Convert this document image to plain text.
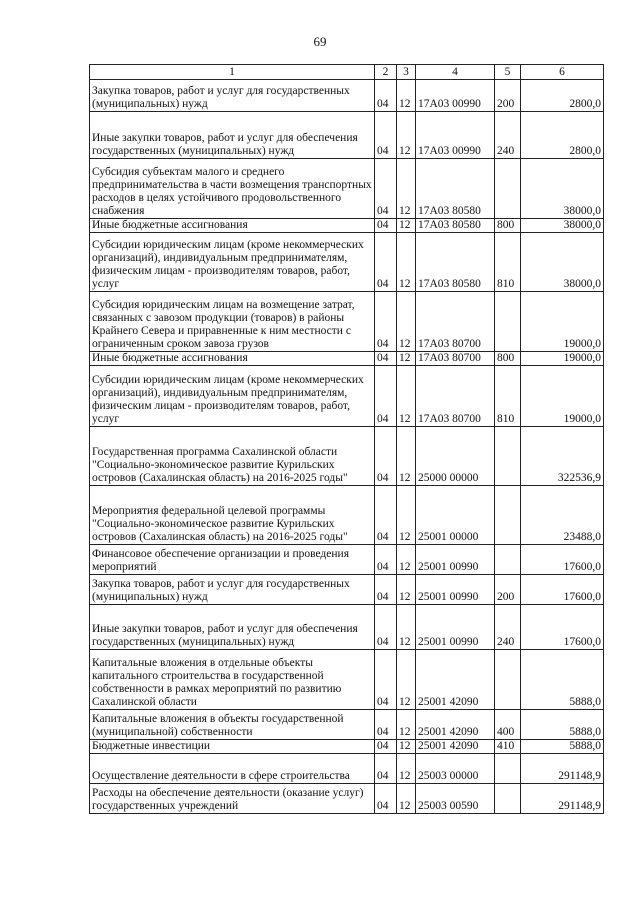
69
1	2	3	4	5	6
Закупка товаров, работ и услуг для государственных (муниципальных) нужд	04	12	17А03 00990	200	2800,0
Иные закупки товаров, работ и услуг для обеспечения государственных (муниципальных) нужд	04	12	17А03 00990	240	2800,0
Субсидия субъектам малого и среднего предпринимательства в части возмещения транспортных расходов в целях устойчивого продовольственного снабжения	04	12	17А03 80580		38000,0
Иные бюджетные ассигнования	04	12	17А03 80580	800	38000,0
Субсидии юридическим лицам (кроме некоммерческих организаций), индивидуальным предпринимателям, физическим лицам - производителям товаров, работ, услуг	04	12	17А03 80580	810	38000,0
Субсидия юридическим лицам на возмещение затрат, связанных с завозом продукции (товаров) в районы Крайнего Севера и приравненные к ним местности с ограниченным сроком завоза грузов	04	12	17А03 80700		19000,0
Иные бюджетные ассигнования	04	12	17А03 80700	800	19000,0
Субсидии юридическим лицам (кроме некоммерческих организаций), индивидуальным предпринимателям, физическим лицам - производителям товаров, работ, услуг	04	12	17А03 80700	810	19000,0
Государственная программа Сахалинской области "Социально-экономическое развитие Курильских островов (Сахалинская область) на 2016-2025 годы"	04	12	25000 00000		322536,9
Мероприятия федеральной целевой программы "Социально-экономическое развитие Курильских островов (Сахалинская область) на 2016-2025 годы"	04	12	25001 00000		23488,0
Финансовое обеспечение организации и проведения мероприятий	04	12	25001 00990		17600,0
Закупка товаров, работ и услуг для государственных (муниципальных) нужд	04	12	25001 00990	200	17600,0
Иные закупки товаров, работ и услуг для обеспечения государственных (муниципальных) нужд	04	12	25001 00990	240	17600,0
Капитальные вложения в отдельные объекты капитального строительства в государственной собственности в рамках мероприятий по развитию Сахалинской области	04	12	25001 42090		5888,0
Капитальные вложения в объекты государственной (муниципальной) собственности	04	12	25001 42090	400	5888,0
Бюджетные инвестиции	04	12	25001 42090	410	5888,0
Осуществление деятельности в сфере строительства	04	12	25003 00000		291148,9
Расходы на обеспечение деятельности (оказание услуг) государственных учреждений	04	12	25003 00590		291148,9
